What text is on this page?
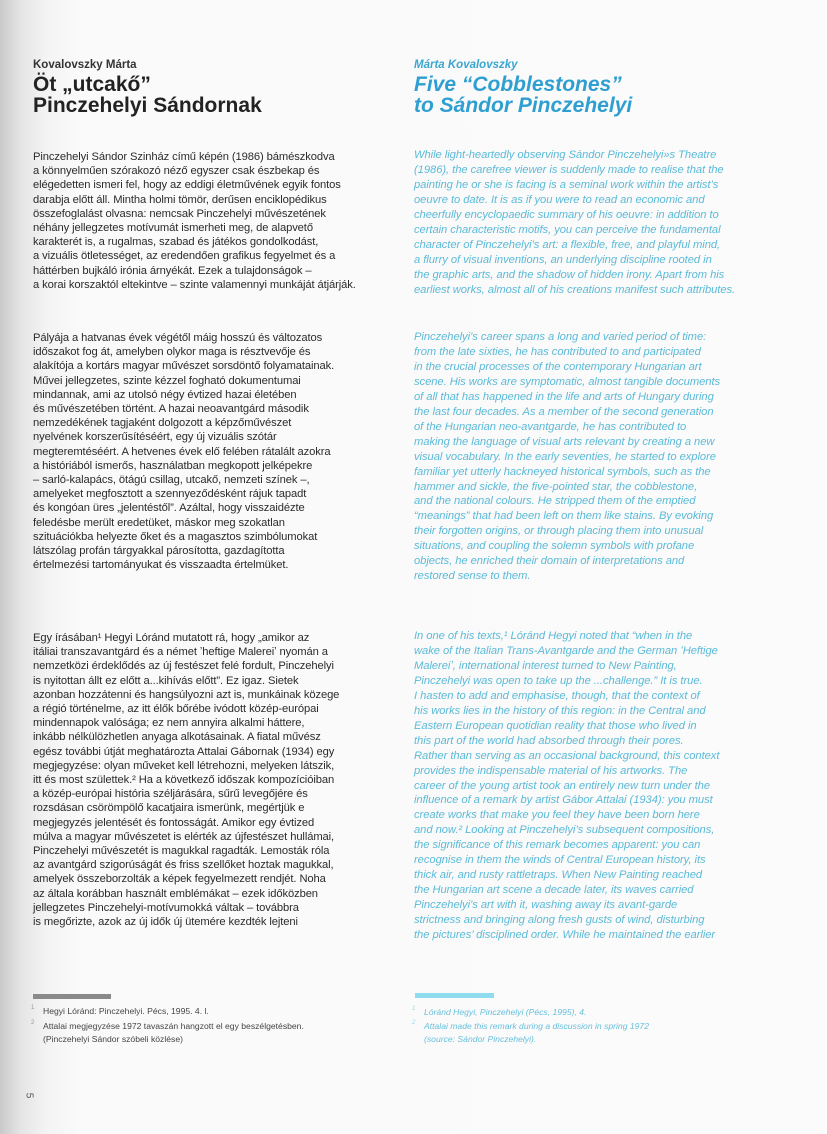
Kovalovszky Márta
Öt „utcakő”
Pinczehelyi Sándornak
Pinczehelyi Sándor Szinház című képén (1986) bámészkodva
a könnyelműen szórakozó néző egyszer csak észbekap és
elégedetten ismeri fel, hogy az eddigi életművének egyik fontos
darabja előtt áll. Mintha holmi tömör, derűsen enciklopédikus
összefoglalást olvasna: nemcsak Pinczehelyi művészetének
néhány jellegzetes motívumát ismerheti meg, de alapvető
karakterét is, a rugalmas, szabad és játékos gondolkodást,
a vizuális ötletességet, az eredendően grafikus fegyelmet és a
háttérben bujkáló irónia árnyékát. Ezek a tulajdonságok –
a korai korszaktól eltekintve – szinte valamennyi munkáját átjárják.
Pályája a hatvanas évek végétől máig hosszú és változatos
időszakot fog át, amelyben olykor maga is résztvevője és
alakítója a kortárs magyar művészet sorsdöntő folyamatainak.
Művei jellegzetes, szinte kézzel fogható dokumentumai
mindannak, ami az utolsó négy évtized hazai életében
és művészetében történt. A hazai neoavantgárd második
nemzedékének tagjaként dolgozott a képzőművészet
nyelvének korszerűsítéséért, egy új vizuális szótár
megteremtéséért. A hetvenes évek elő felében rátalált azokra
a históriából ismerős, használatban megkopott jelképekre
– sarló-kalapács, ötágú csillag, utcakő, nemzeti színek –,
amelyeket megfosztott a szennyeződésként rájuk tapadt
és kongóan üres „jelentéstől”. Azáltal, hogy visszaidézte
feledésbe merült eredetüket, máskor meg szokatlan
szituációkba helyezte őket és a magasztos szimbólumokat
látszólag profán tárgyakkal párosította, gazdagította
értelmezési tartományukat és visszaadta értelmüket.
Egy írásában¹ Hegyi Lóránd mutatott rá, hogy „amikor az
itáliai transzavantgárd és a német ʼheftige Malereiʼ nyomán a
nemzetközi érdeklődés az új festészet felé fordult, Pinczehelyi
is nyitottan állt ez előtt a...kihívás előtt”. Ez igaz. Sietek
azonban hozzátenni és hangsúlyozni azt is, munkáinak közege
a régió történelme, az itt élők bőrébe ivódott közép-európai
mindennapok valósága; ez nem annyira alkalmi háttere,
inkább nélkülözhetlen anyaga alkotásainak. A fiatal művész
egész további útját meghatározta Attalai Gábornak (1934) egy
megjegyzése: olyan műveket kell létrehozni, melyeken látszik,
itt és most születtek.² Ha a következő időszak kompozícióiban
a közép-európai história széljárására, sűrű levegőjére és
rozsdásan csörömpölő kacatjaira ismerünk, megértjük e
megjegyzés jelentését és fontosságát. Amikor egy évtized
múlva a magyar művészetet is elérték az újfestészet hullámai,
Pinczehelyi művészetét is magukkal ragadták. Lemosták róla
az avantgárd szigorúságát és friss szellőket hoztak magukkal,
amelyek összeborzolták a képek fegyelmezett rendjét. Noha
az általa korábban használt emblémákat – ezek időközben
jellegzetes Pinczehelyi-motívumokká váltak – továbbra
is megőrizte, azok az új idők új ütemére kezdték lejteni
1 Hegyi Lóránd: Pinczehelyi. Pécs, 1995. 4. l.
2 Attalai megjegyzése 1972 tavaszán hangzott el egy beszélgetésben.
(Pinczehelyi Sándor szóbeli közlése)
5
Márta Kovalovszky
Five “Cobblestones”
to Sándor Pinczehelyi
While light-heartedly observing Sándor Pinczehelyi»s Theatre
(1986), the carefree viewer is suddenly made to realise that the
painting he or she is facing is a seminal work within the artist’s
oeuvre to date. It is as if you were to read an economic and
cheerfully encyclopaedic summary of his oeuvre: in addition to
certain characteristic motifs, you can perceive the fundamental
character of Pinczehelyi’s art: a flexible, free, and playful mind,
a flurry of visual inventions, an underlying discipline rooted in
the graphic arts, and the shadow of hidden irony. Apart from his
earliest works, almost all of his creations manifest such attributes.
Pinczehelyi’s career spans a long and varied period of time:
from the late sixties, he has contributed to and participated
in the crucial processes of the contemporary Hungarian art
scene. His works are symptomatic, almost tangible documents
of all that has happened in the life and arts of Hungary during
the last four decades. As a member of the second generation
of the Hungarian neo-avantgarde, he has contributed to
making the language of visual arts relevant by creating a new
visual vocabulary. In the early seventies, he started to explore
familiar yet utterly hackneyed historical symbols, such as the
hammer and sickle, the five-pointed star, the cobblestone,
and the national colours. He stripped them of the emptied
“meanings” that had been left on them like stains. By evoking
their forgotten origins, or through placing them into unusual
situations, and coupling the solemn symbols with profane
objects, he enriched their domain of interpretations and
restored sense to them.
In one of his texts,¹ Lóránd Hegyi noted that “when in the
wake of the Italian Trans-Avantgarde and the German ʻHeftige
Malereiʼ, international interest turned to New Painting,
Pinczehelyi was open to take up the ...challenge.” It is true.
I hasten to add and emphasise, though, that the context of
his works lies in the history of this region: in the Central and
Eastern European quotidian reality that those who lived in
this part of the world had absorbed through their pores.
Rather than serving as an occasional background, this context
provides the indispensable material of his artworks. The
career of the young artist took an entirely new turn under the
influence of a remark by artist Gábor Attalai (1934): you must
create works that make you feel they have been born here
and now.² Looking at Pinczehelyi’s subsequent compositions,
the significance of this remark becomes apparent: you can
recognise in them the winds of Central European history, its
thick air, and rusty rattletraps. When New Painting reached
the Hungarian art scene a decade later, its waves carried
Pinczehelyi’s art with it, washing away its avant-garde
strictness and bringing along fresh gusts of wind, disturbing
the pictures’ disciplined order. While he maintained the earlier
1 Lóránd Hegyi, Pinczehelyi (Pécs, 1995), 4.
2 Attalai made this remark during a discussion in spring 1972
(source: Sándor Pinczehelyi).
